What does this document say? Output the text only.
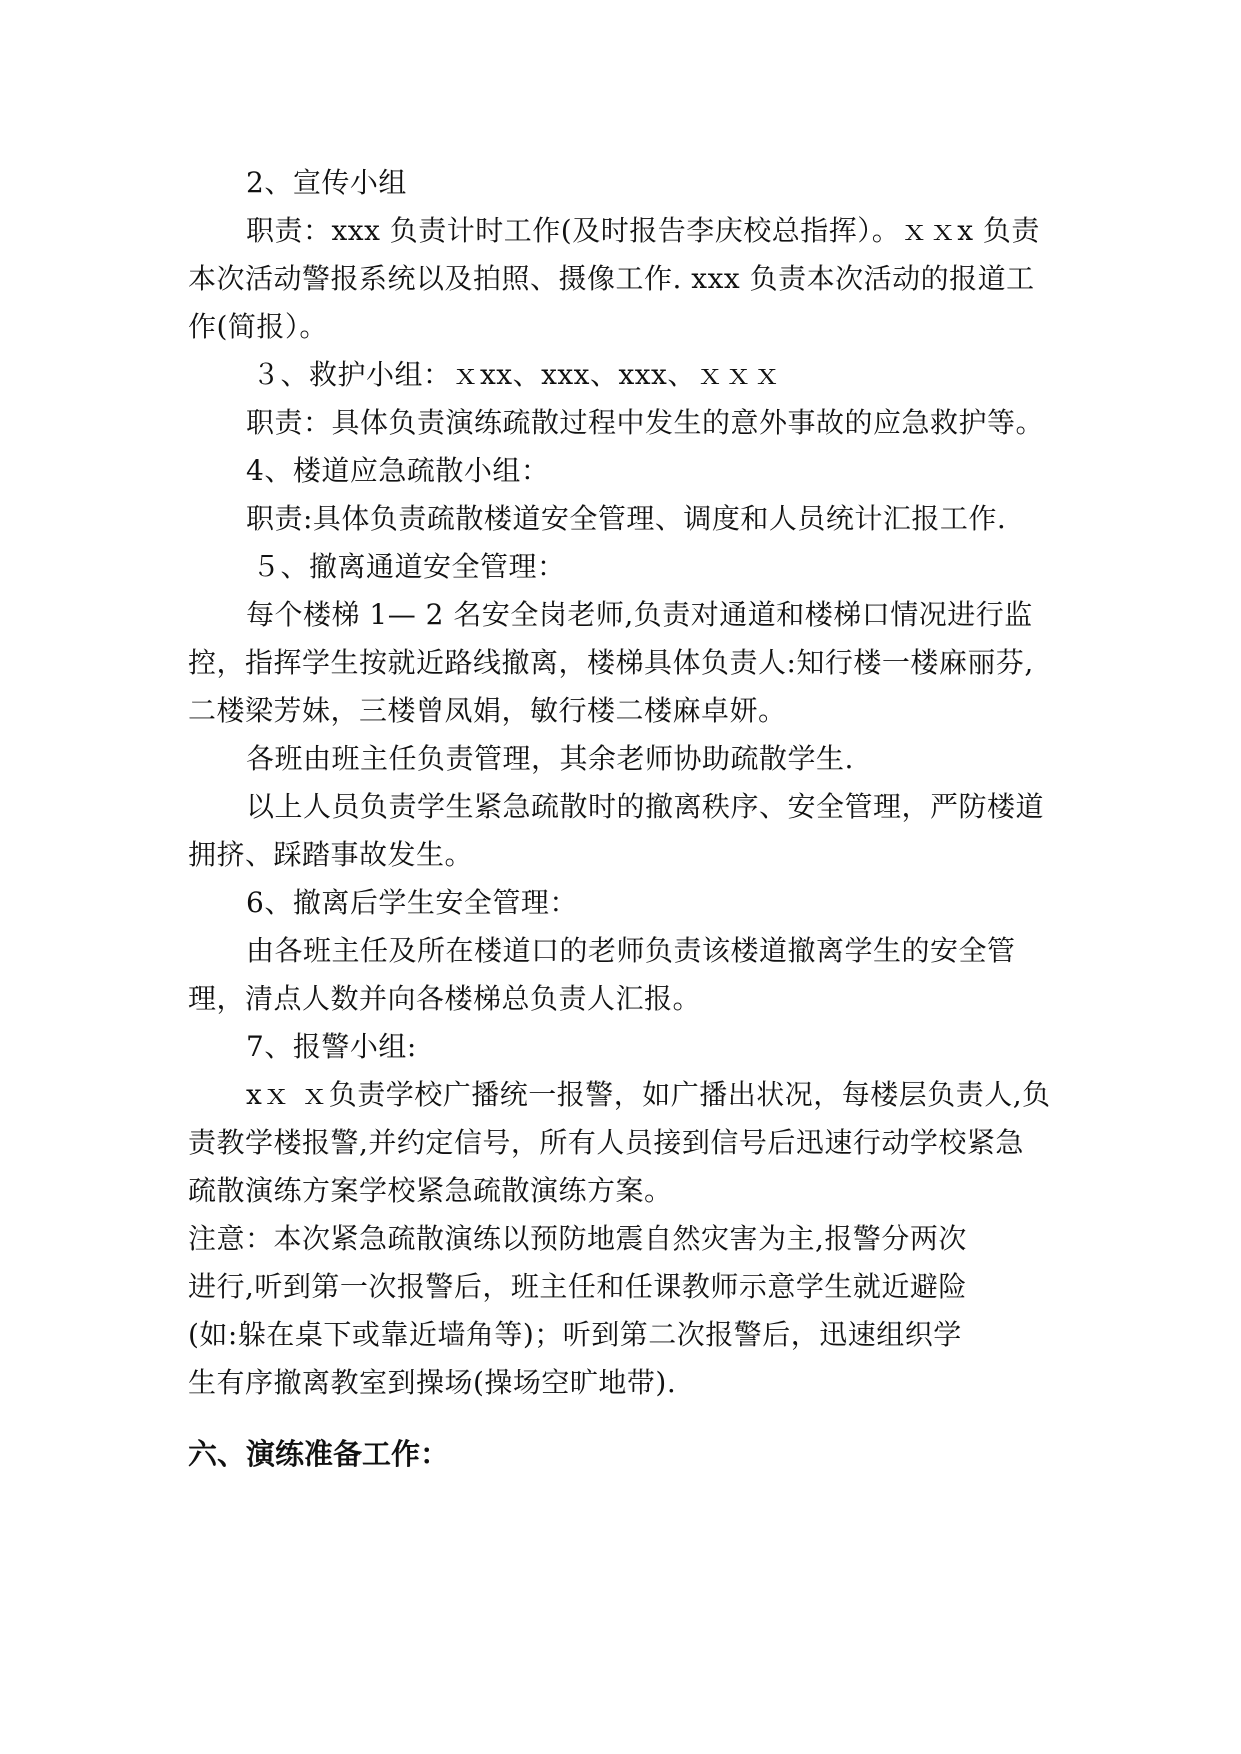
2、宣传小组
职责：xxx 负责计时工作(及时报告李庆校总指挥）。ｘｘx 负责
本次活动警报系统以及拍照、摄像工作. xxx 负责本次活动的报道工
作(简报）。
３、救护小组：ｘxx、xxx、xxx、ｘｘｘ
职责：具体负责演练疏散过程中发生的意外事故的应急救护等。
4、楼道应急疏散小组：
职责:具体负责疏散楼道安全管理、调度和人员统计汇报工作.
５、撤离通道安全管理：
每个楼梯 1— 2 名安全岗老师,负责对通道和楼梯口情况进行监
控，指挥学生按就近路线撤离，楼梯具体负责人:知行楼一楼麻丽芬,
二楼梁芳妹，三楼曾凤娟，敏行楼二楼麻卓妍。
各班由班主任负责管理，其余老师协助疏散学生.
以上人员负责学生紧急疏散时的撤离秩序、安全管理，严防楼道
拥挤、踩踏事故发生。
6、撤离后学生安全管理：
由各班主任及所在楼道口的老师负责该楼道撤离学生的安全管
理，清点人数并向各楼梯总负责人汇报。
7、报警小组:
xｘ ｘ负责学校广播统一报警，如广播出状况，每楼层负责人,负
责教学楼报警,并约定信号，所有人员接到信号后迅速行动学校紧急
疏散演练方案学校紧急疏散演练方案。
注意：本次紧急疏散演练以预防地震自然灾害为主,报警分两次
进行,听到第一次报警后，班主任和任课教师示意学生就近避险
(如:躲在桌下或靠近墙角等)；听到第二次报警后，迅速组织学
生有序撤离教室到操场(操场空旷地带).
六、演练准备工作：
